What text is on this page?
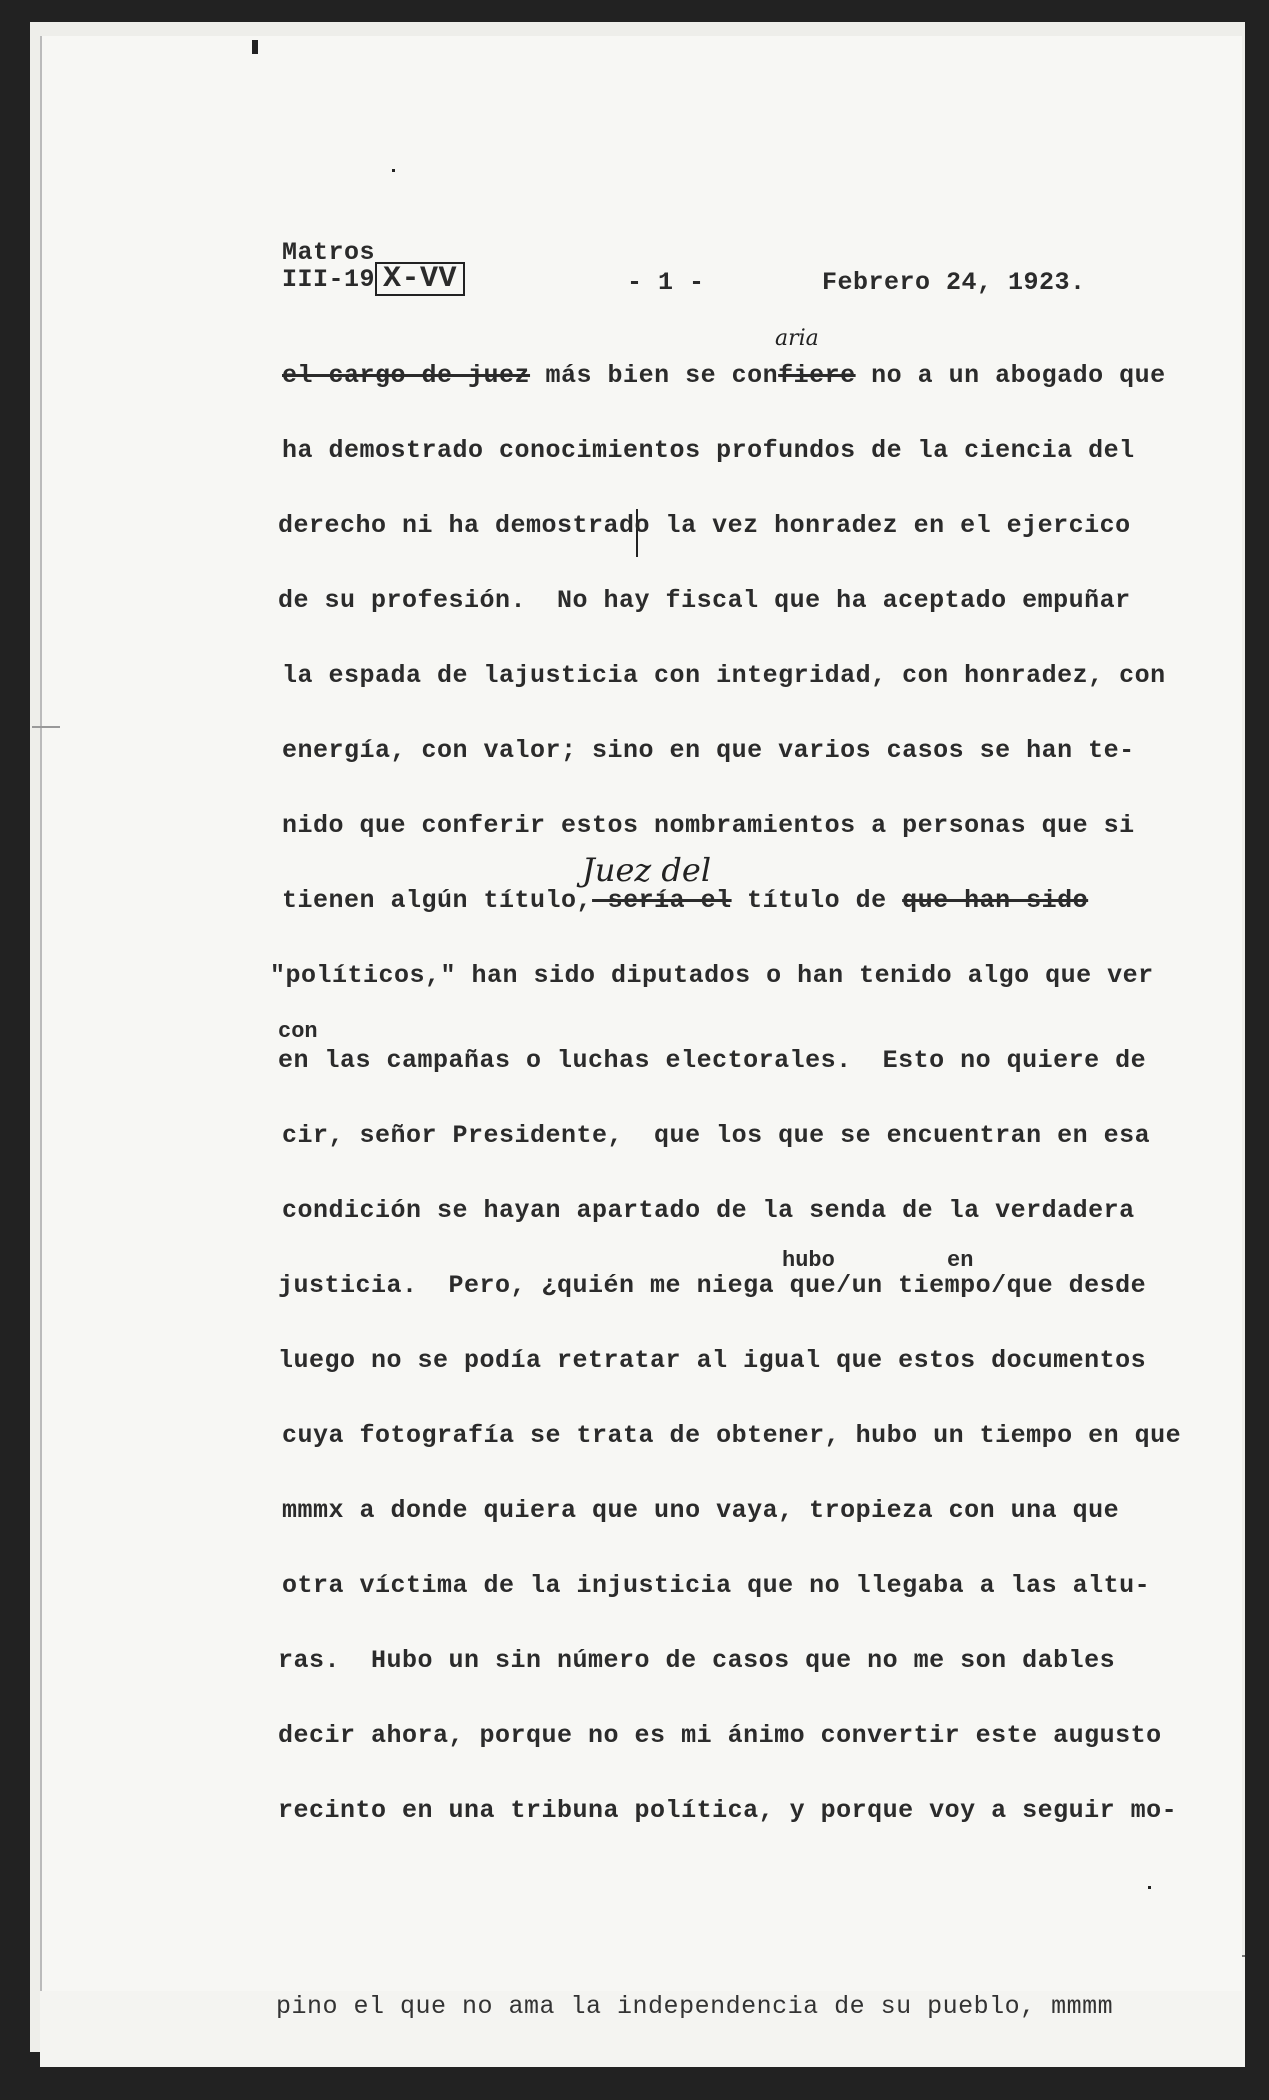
pino el que no ama la independencia de su pueblo, mmmm
Matros
III-19 X-VV	- 1 -	Febrero 24, 1923.
aria
Juez del
con
hubo	en
el cargo de juez más bien se confiere no a un abogado que
ha demostrado conocimientos profundos de la ciencia del
derecho ni ha demostrado la vez honradez en el ejercico
de su profesión.  No hay fiscal que ha aceptado empuñar
la espada de lajusticia con integridad, con honradez, con
energía, con valor; sino en que varios casos se han te-
nido que conferir estos nombramientos a personas que si
tienen algún título, sería el título de que han sido
"políticos," han sido diputados o han tenido algo que ver
en las campañas o luchas electorales.  Esto no quiere de
cir, señor Presidente,  que los que se encuentran en esa
condición se hayan apartado de la senda de la verdadera
justicia.  Pero, ¿quién me niega que/un tiempo/que desde
luego no se podía retratar al igual que estos documentos
cuya fotografía se trata de obtener, hubo un tiempo en que
mmmx a donde quiera que uno vaya, tropieza con una que
otra víctima de la injusticia que no llegaba a las altu-
ras.  Hubo un sin número de casos que no me son dables
decir ahora, porque no es mi ánimo convertir este augusto
recinto en una tribuna política, y porque voy a seguir mo-
